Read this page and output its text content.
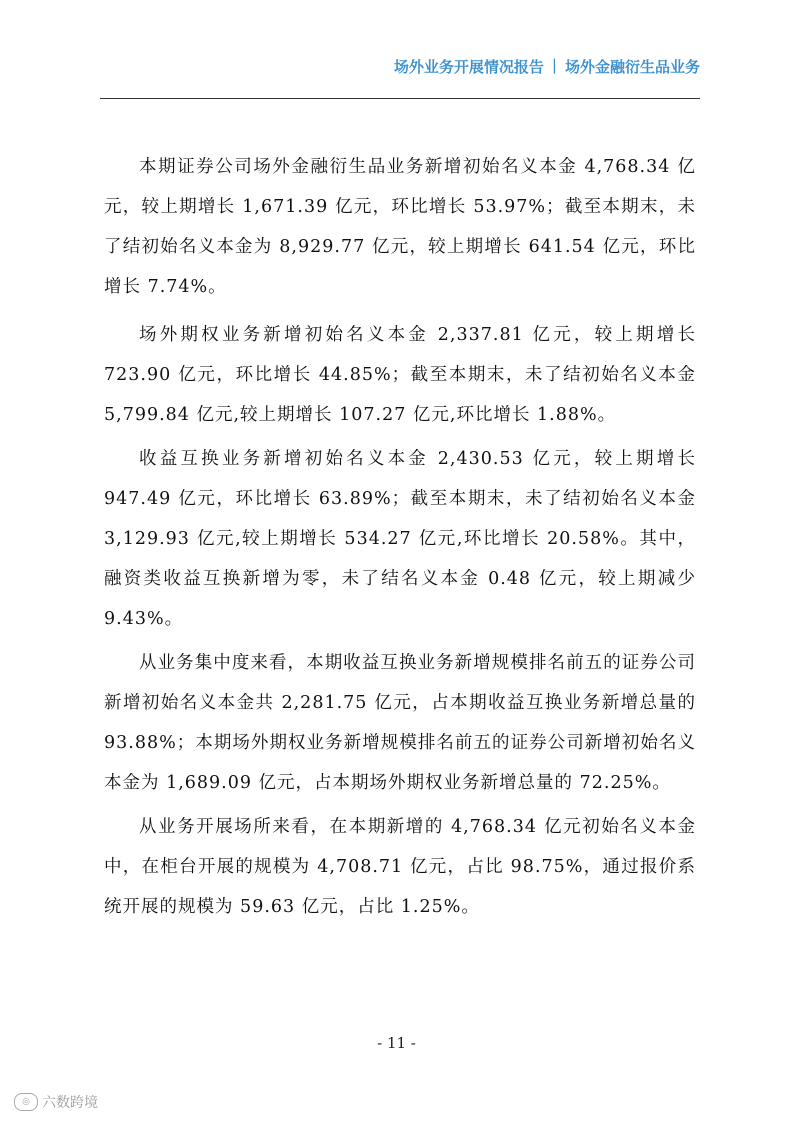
场外业务开展情况报告 | 场外金融衍生品业务

本期证券公司场外金融衍生品业务新增初始名义本金 4,768.34 亿元，较上期增长 1,671.39 亿元，环比增长 53.97%；截至本期末，未了结初始名义本金为 8,929.77 亿元，较上期增长 641.54 亿元，环比增长 7.74%。

场外期权业务新增初始名义本金 2,337.81 亿元，较上期增长 723.90 亿元，环比增长 44.85%；截至本期末，未了结初始名义本金 5,799.84 亿元,较上期增长 107.27 亿元,环比增长 1.88%。

收益互换业务新增初始名义本金 2,430.53 亿元，较上期增长 947.49 亿元，环比增长 63.89%；截至本期末，未了结初始名义本金 3,129.93 亿元,较上期增长 534.27 亿元,环比增长 20.58%。其中，融资类收益互换新增为零，未了结名义本金 0.48 亿元，较上期减少 9.43%。

从业务集中度来看，本期收益互换业务新增规模排名前五的证券公司新增初始名义本金共 2,281.75 亿元，占本期收益互换业务新增总量的 93.88%；本期场外期权业务新增规模排名前五的证券公司新增初始名义本金为 1,689.09 亿元，占本期场外期权业务新增总量的 72.25%。

从业务开展场所来看，在本期新增的 4,768.34 亿元初始名义本金中，在柜台开展的规模为 4,708.71 亿元，占比 98.75%，通过报价系统开展的规模为 59.63 亿元，占比 1.25%。

- 11 -
◎ 六数跨境
